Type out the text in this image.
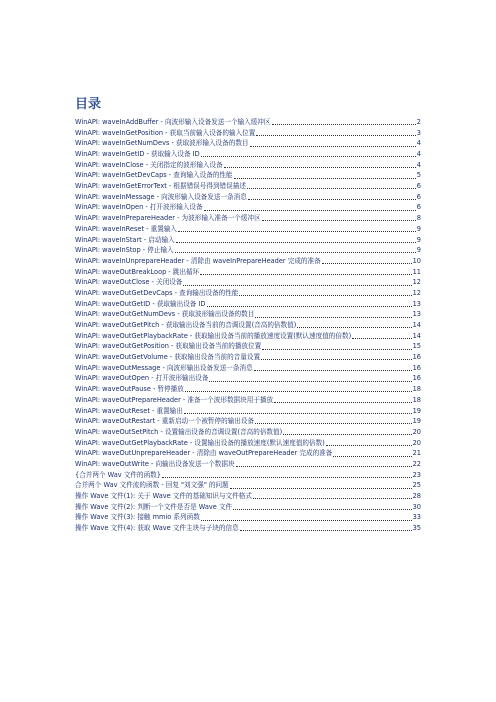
目录
WinAPI: waveInAddBuffer - 向波形输入设备发送一个输入缓冲区	2
WinAPI: waveInGetPosition - 获取当前输入设备的输入位置	3
WinAPI: waveInGetNumDevs - 获取波形输入设备的数目	4
WinAPI: waveInGetID - 获取输入设备 ID	4
WinAPI: waveInClose - 关闭指定的波形输入设备	4
WinAPI: waveInGetDevCaps - 查询输入设备的性能	5
WinAPI: waveInGetErrorText - 根据错误号得到错误描述	6
WinAPI: waveInMessage - 向波形输入设备发送一条消息	6
WinAPI: waveInOpen - 打开波形输入设备	6
WinAPI: waveInPrepareHeader - 为波形输入准备一个缓冲区	8
WinAPI: waveInReset - 重置输入	9
WinAPI: waveInStart - 启动输入	9
WinAPI: waveInStop - 停止输入	9
WinAPI: waveInUnprepareHeader - 清除由 waveInPrepareHeader 完成的准备	10
WinAPI: waveOutBreakLoop - 跳出循环	11
WinAPI: waveOutClose - 关闭设备	12
WinAPI: waveOutGetDevCaps - 查询输出设备的性能	12
WinAPI: waveOutGetID - 获取输出设备 ID	13
WinAPI: waveOutGetNumDevs - 获取波形输出设备的数目	13
WinAPI: waveOutGetPitch - 获取输出设备当前的音调设置(音高的倍数值)	14
WinAPI: waveOutGetPlaybackRate - 获取输出设备当前的播放速度设置(默认速度值的倍数)	14
WinAPI: waveOutGetPosition - 获取输出设备当前的播放位置	15
WinAPI: waveOutGetVolume - 获取输出设备当前的音量设置	16
WinAPI: waveOutMessage - 向波形输出设备发送一条消息	16
WinAPI: waveOutOpen - 打开波形输出设备	16
WinAPI: waveOutPause - 暂停播放	18
WinAPI: waveOutPrepareHeader - 准备一个波形数据块用于播放	18
WinAPI: waveOutReset - 重置输出	19
WinAPI: waveOutRestart - 重新启动一个被暂停的输出设备	19
WinAPI: waveOutSetPitch - 设置输出设备的音调设置(音高的倍数值)	20
WinAPI: waveOutGetPlaybackRate - 设置输出设备的播放速度(默认速度值的倍数)	20
WinAPI: waveOutUnprepareHeader - 清除由 waveOutPrepareHeader 完成的准备	21
WinAPI: waveOutWrite - 向输出设备发送一个数据块	22
{合并两个 Wav 文件的函数}	23
合并两个 Wav 文件流的函数 - 回复 "刘文强" 的问题	25
操作 Wave 文件(1): 关于 Wave 文件的基础知识与文件格式	28
操作 Wave 文件(2): 判断一个文件是否是 Wave 文件	30
操作 Wave 文件(3): 接触 mmio 系列函数	33
操作 Wave 文件(4): 获取 Wave 文件主块与子块的信息	35
